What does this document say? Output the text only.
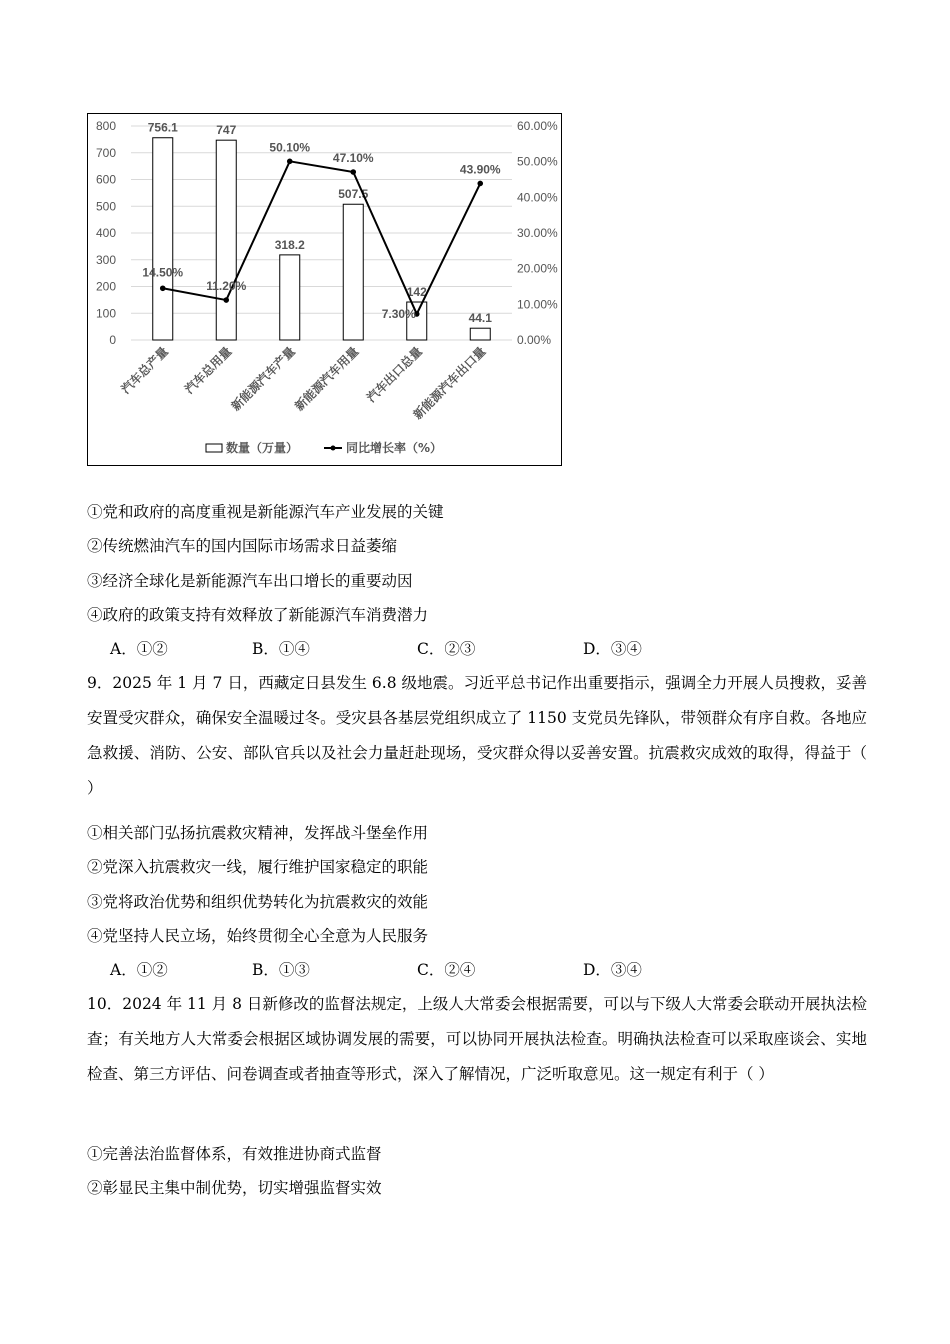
0
100
200
300
400
500
600
700
800
0.00%
10.00%
20.00%
30.00%
40.00%
50.00%
60.00%
756.1	747
318.2
507.5
142
44.1
14.50%
11.20%
50.10%
47.10%
7.30%
43.90%
汽车总产量 汽车总用量
新能源汽车产量
新能源汽车用量 汽车出口总量
新能源汽车出口量
数量（万量）	同比增长率（%）
①党和政府的高度重视是新能源汽车产业发展的关键
②传统燃油汽车的国内国际市场需求日益萎缩
③经济全球化是新能源汽车出口增长的重要动因
④政府的政策支持有效释放了新能源汽车消费潜力
A．①②	B．①④	C．②③	D．③④
9．2025 年 1 月 7 日，西藏定日县发生 6.8 级地震。习近平总书记作出重要指示，强调全力开展人员搜救，妥善安置受灾群众，确保安全温暖过冬。受灾县各基层党组织成立了 1150 支党员先锋队，带领群众有序自救。各地应急救援、消防、公安、部队官兵以及社会力量赶赴现场，受灾群众得以妥善安置。抗震救灾成效的取得，得益于（ ）
①相关部门弘扬抗震救灾精神，发挥战斗堡垒作用
②党深入抗震救灾一线，履行维护国家稳定的职能
③党将政治优势和组织优势转化为抗震救灾的效能
④党坚持人民立场，始终贯彻全心全意为人民服务
A．①②	B．①③	C．②④	D．③④
10．2024 年 11 月 8 日新修改的监督法规定，上级人大常委会根据需要，可以与下级人大常委会联动开展执法检查；有关地方人大常委会根据区域协调发展的需要，可以协同开展执法检查。明确执法检查可以采取座谈会、实地检查、第三方评估、问卷调查或者抽查等形式，深入了解情况，广泛听取意见。这一规定有利于（ ）
①完善法治监督体系，有效推进协商式监督
②彰显民主集中制优势，切实增强监督实效
